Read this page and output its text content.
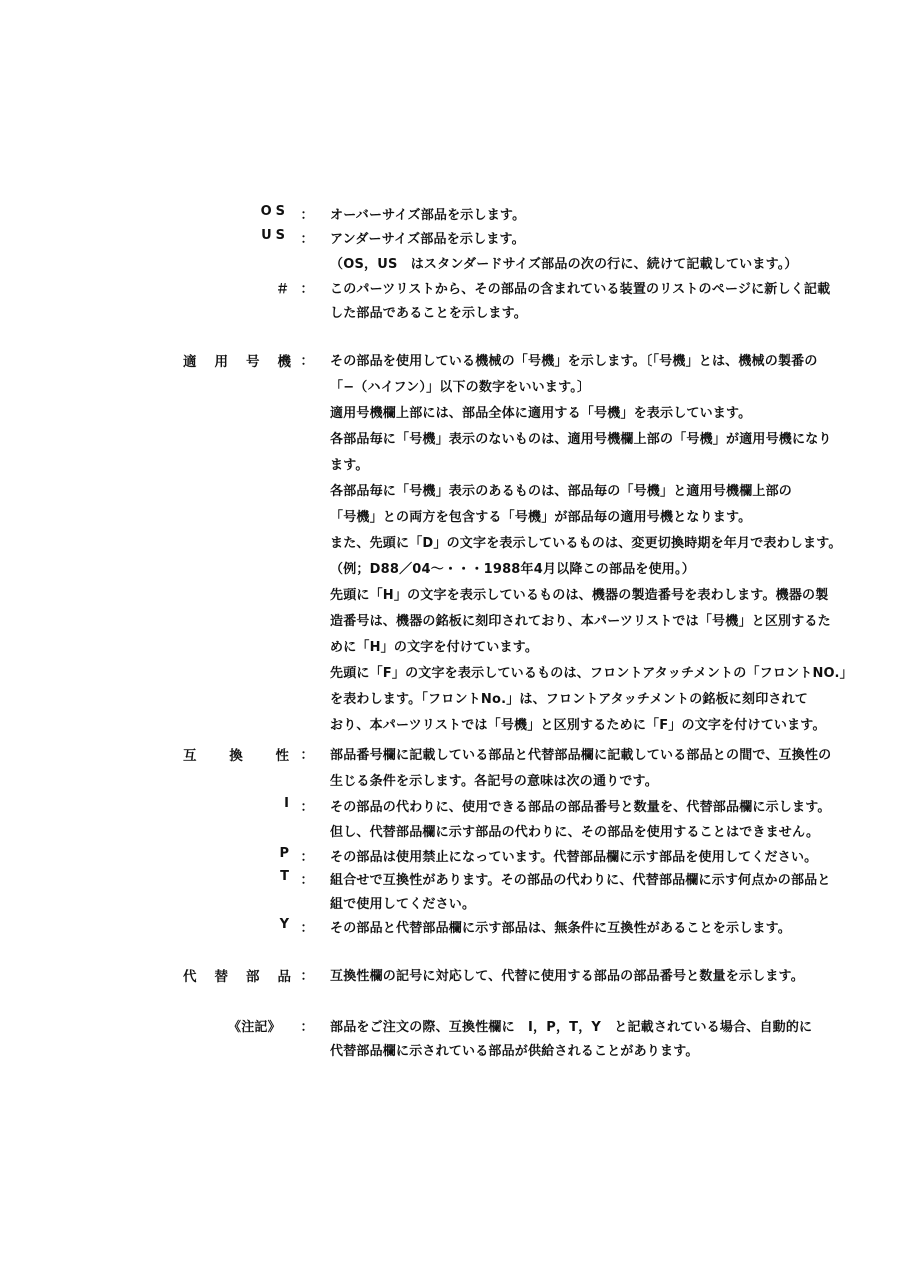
OS ： オーバーサイズ部品を示します。
US ： アンダーサイズ部品を示します。
（OS，US　はスタンダードサイズ部品の次の行に、続けて記載しています。）
＃ ： このパーツリストから、その部品の含まれている装置のリストのページに新しく記載
した部品であることを示します。
適 用 号 機 ： その部品を使用している機械の「号機」を示します。〔「号機」とは、機械の製番の
「−（ハイフン）」以下の数字をいいます。〕
適用号機欄上部には、部品全体に適用する「号機」を表示しています。
各部品毎に「号機」表示のないものは、適用号機欄上部の「号機」が適用号機になり
ます。
各部品毎に「号機」表示のあるものは、部品毎の「号機」と適用号機欄上部の
「号機」との両方を包含する「号機」が部品毎の適用号機となります。
また、先頭に「D」の文字を表示しているものは、変更切換時期を年月で表わします。
（例；D88／04〜・・・1988年4月以降この部品を使用。）
先頭に「H」の文字を表示しているものは、機器の製造番号を表わします。機器の製
造番号は、機器の銘板に刻印されており、本パーツリストでは「号機」と区別するた
めに「H」の文字を付けています。
先頭に「F」の文字を表示しているものは、フロントアタッチメントの「フロントNO.」
を表わします。「フロントNo.」は、フロントアタッチメントの銘板に刻印されて
おり、本パーツリストでは「号機」と区別するために「F」の文字を付けています。
互 換 性 ： 部品番号欄に記載している部品と代替部品欄に記載している部品との間で、互換性の
生じる条件を示します。各記号の意味は次の通りです。
I ： その部品の代わりに、使用できる部品の部品番号と数量を、代替部品欄に示します。
但し、代替部品欄に示す部品の代わりに、その部品を使用することはできません。
P ： その部品は使用禁止になっています。代替部品欄に示す部品を使用してください。
T ： 組合せで互換性があります。その部品の代わりに、代替部品欄に示す何点かの部品と
組で使用してください。
Y ： その部品と代替部品欄に示す部品は、無条件に互換性があることを示します。
代 替 部 品 ： 互換性欄の記号に対応して、代替に使用する部品の部品番号と数量を示します。
《注記》 ： 部品をご注文の際、互換性欄に　I，P，T，Y　と記載されている場合、自動的に
代替部品欄に示されている部品が供給されることがあります。
